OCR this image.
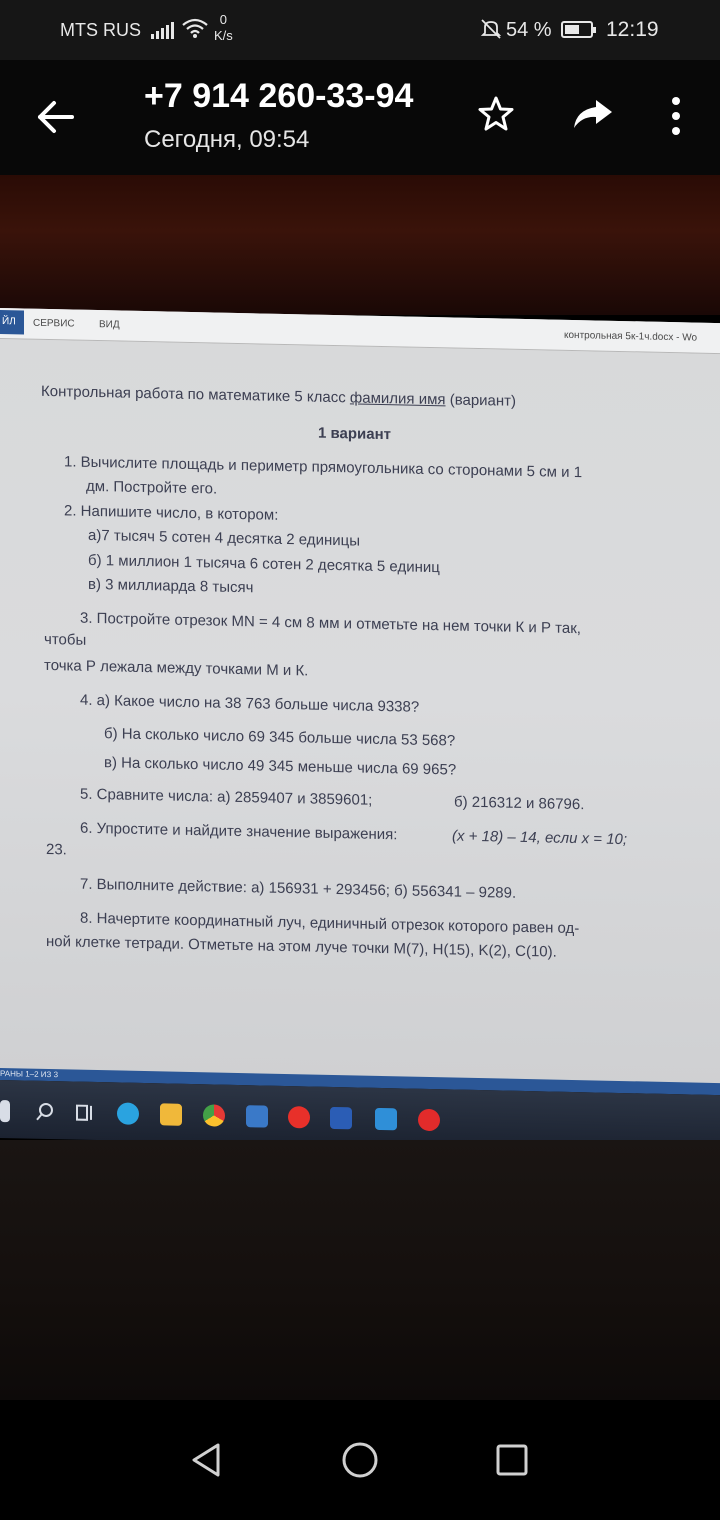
MTS RUS
0
K/s	54 %	12:19
+7 914 260-33-94
Сегодня, 09:54
ЙЛ	СЕРВИС ВИД
контрольная 5к-1ч.docx - Wo
Контрольная работа по математике 5 класс фамилия имя (вариант)
1 вариант
1. Вычислите площадь и периметр прямоугольника со сторонами 5 см и 1
дм. Постройте его.
2. Напишите число, в котором:
а)7 тысяч 5 сотен 4 десятка 2 единицы
б) 1 миллион 1 тысяча 6 сотен 2 десятка 5 единиц
в) 3 миллиарда 8 тысяч
3. Постройте отрезок MN = 4 см 8 мм и отметьте на нем точки К и Р так,
чтобы
точка Р лежала между точками М и К.
4. а) Какое число на 38 763 больше числа 9338?
б) На сколько число 69 345 больше числа 53 568?
в) На сколько число 49 345 меньше числа 69 965?
5. Сравните числа: а) 2859407 и 3859601;	б) 216312 и 86796.
6. Упростите и найдите значение выражения:	(x + 18) – 14, если x = 10;
23.
7. Выполните действие: а) 156931 + 293456; б) 556341 – 9289.
8. Начертите координатный луч, единичный отрезок которого равен од-
ной клетке тетради. Отметьте на этом луче точки M(7), H(15), K(2), C(10).
РАНЫ 1–2 ИЗ 3
